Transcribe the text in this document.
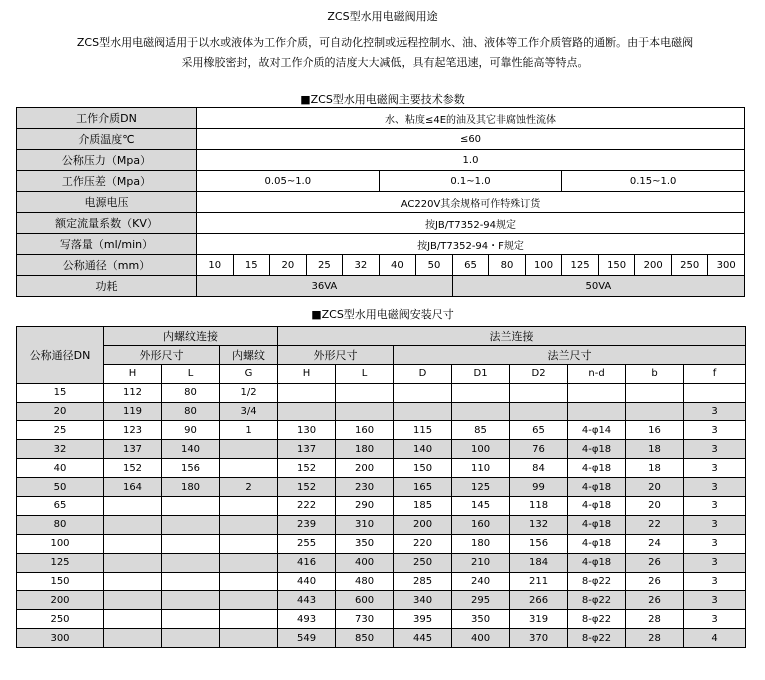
ZCS型水用电磁阀用途
ZCS型水用电磁阀适用于以水或液体为工作介质，可自动化控制或远程控制水、油、液体等工作介质管路的通断。由于本电磁阀
采用橡胶密封，故对工作介质的洁度大大减低，具有起笔迅速，可靠性能高等特点。
■ZCS型水用电磁阀主要技术参数
工作介质DN	水、粘度≤4E的油及其它非腐蚀性流体														
介质温度℃	≤60														
公称压力（Mpa）	1.0														
工作压差（Mpa）	0.05~1.0					0.1~1.0					0.15~1.0				
电源电压	AC220V其余规格可作特殊订货														
额定流量系数（KV）	按JB/T7352-94规定														
写落量（ml/min）	按JB/T7352-94・F规定														
公称通径（mm）	10	15	20	25	32	40	50	65	80	100	125	150	200	250	300
功耗	36VA							50VA							
■ZCS型水用电磁阀安装尺寸
公称通径DN	内螺纹连接			法兰连接							
	外形尺寸		内螺纹	外形尺寸		法兰尺寸					
	H	L	G	H	L	D	D1	D2	n-d	b	f
15	112	80	1/2								
20	119	80	3/4								3
25	123	90	1	130	160	115	85	65	4-φ14	16	3
32	137	140		137	180	140	100	76	4-φ18	18	3
40	152	156		152	200	150	110	84	4-φ18	18	3
50	164	180	2	152	230	165	125	99	4-φ18	20	3
65				222	290	185	145	118	4-φ18	20	3
80				239	310	200	160	132	4-φ18	22	3
100				255	350	220	180	156	4-φ18	24	3
125				416	400	250	210	184	4-φ18	26	3
150				440	480	285	240	211	8-φ22	26	3
200				443	600	340	295	266	8-φ22	26	3
250				493	730	395	350	319	8-φ22	28	3
300				549	850	445	400	370	8-φ22	28	4
